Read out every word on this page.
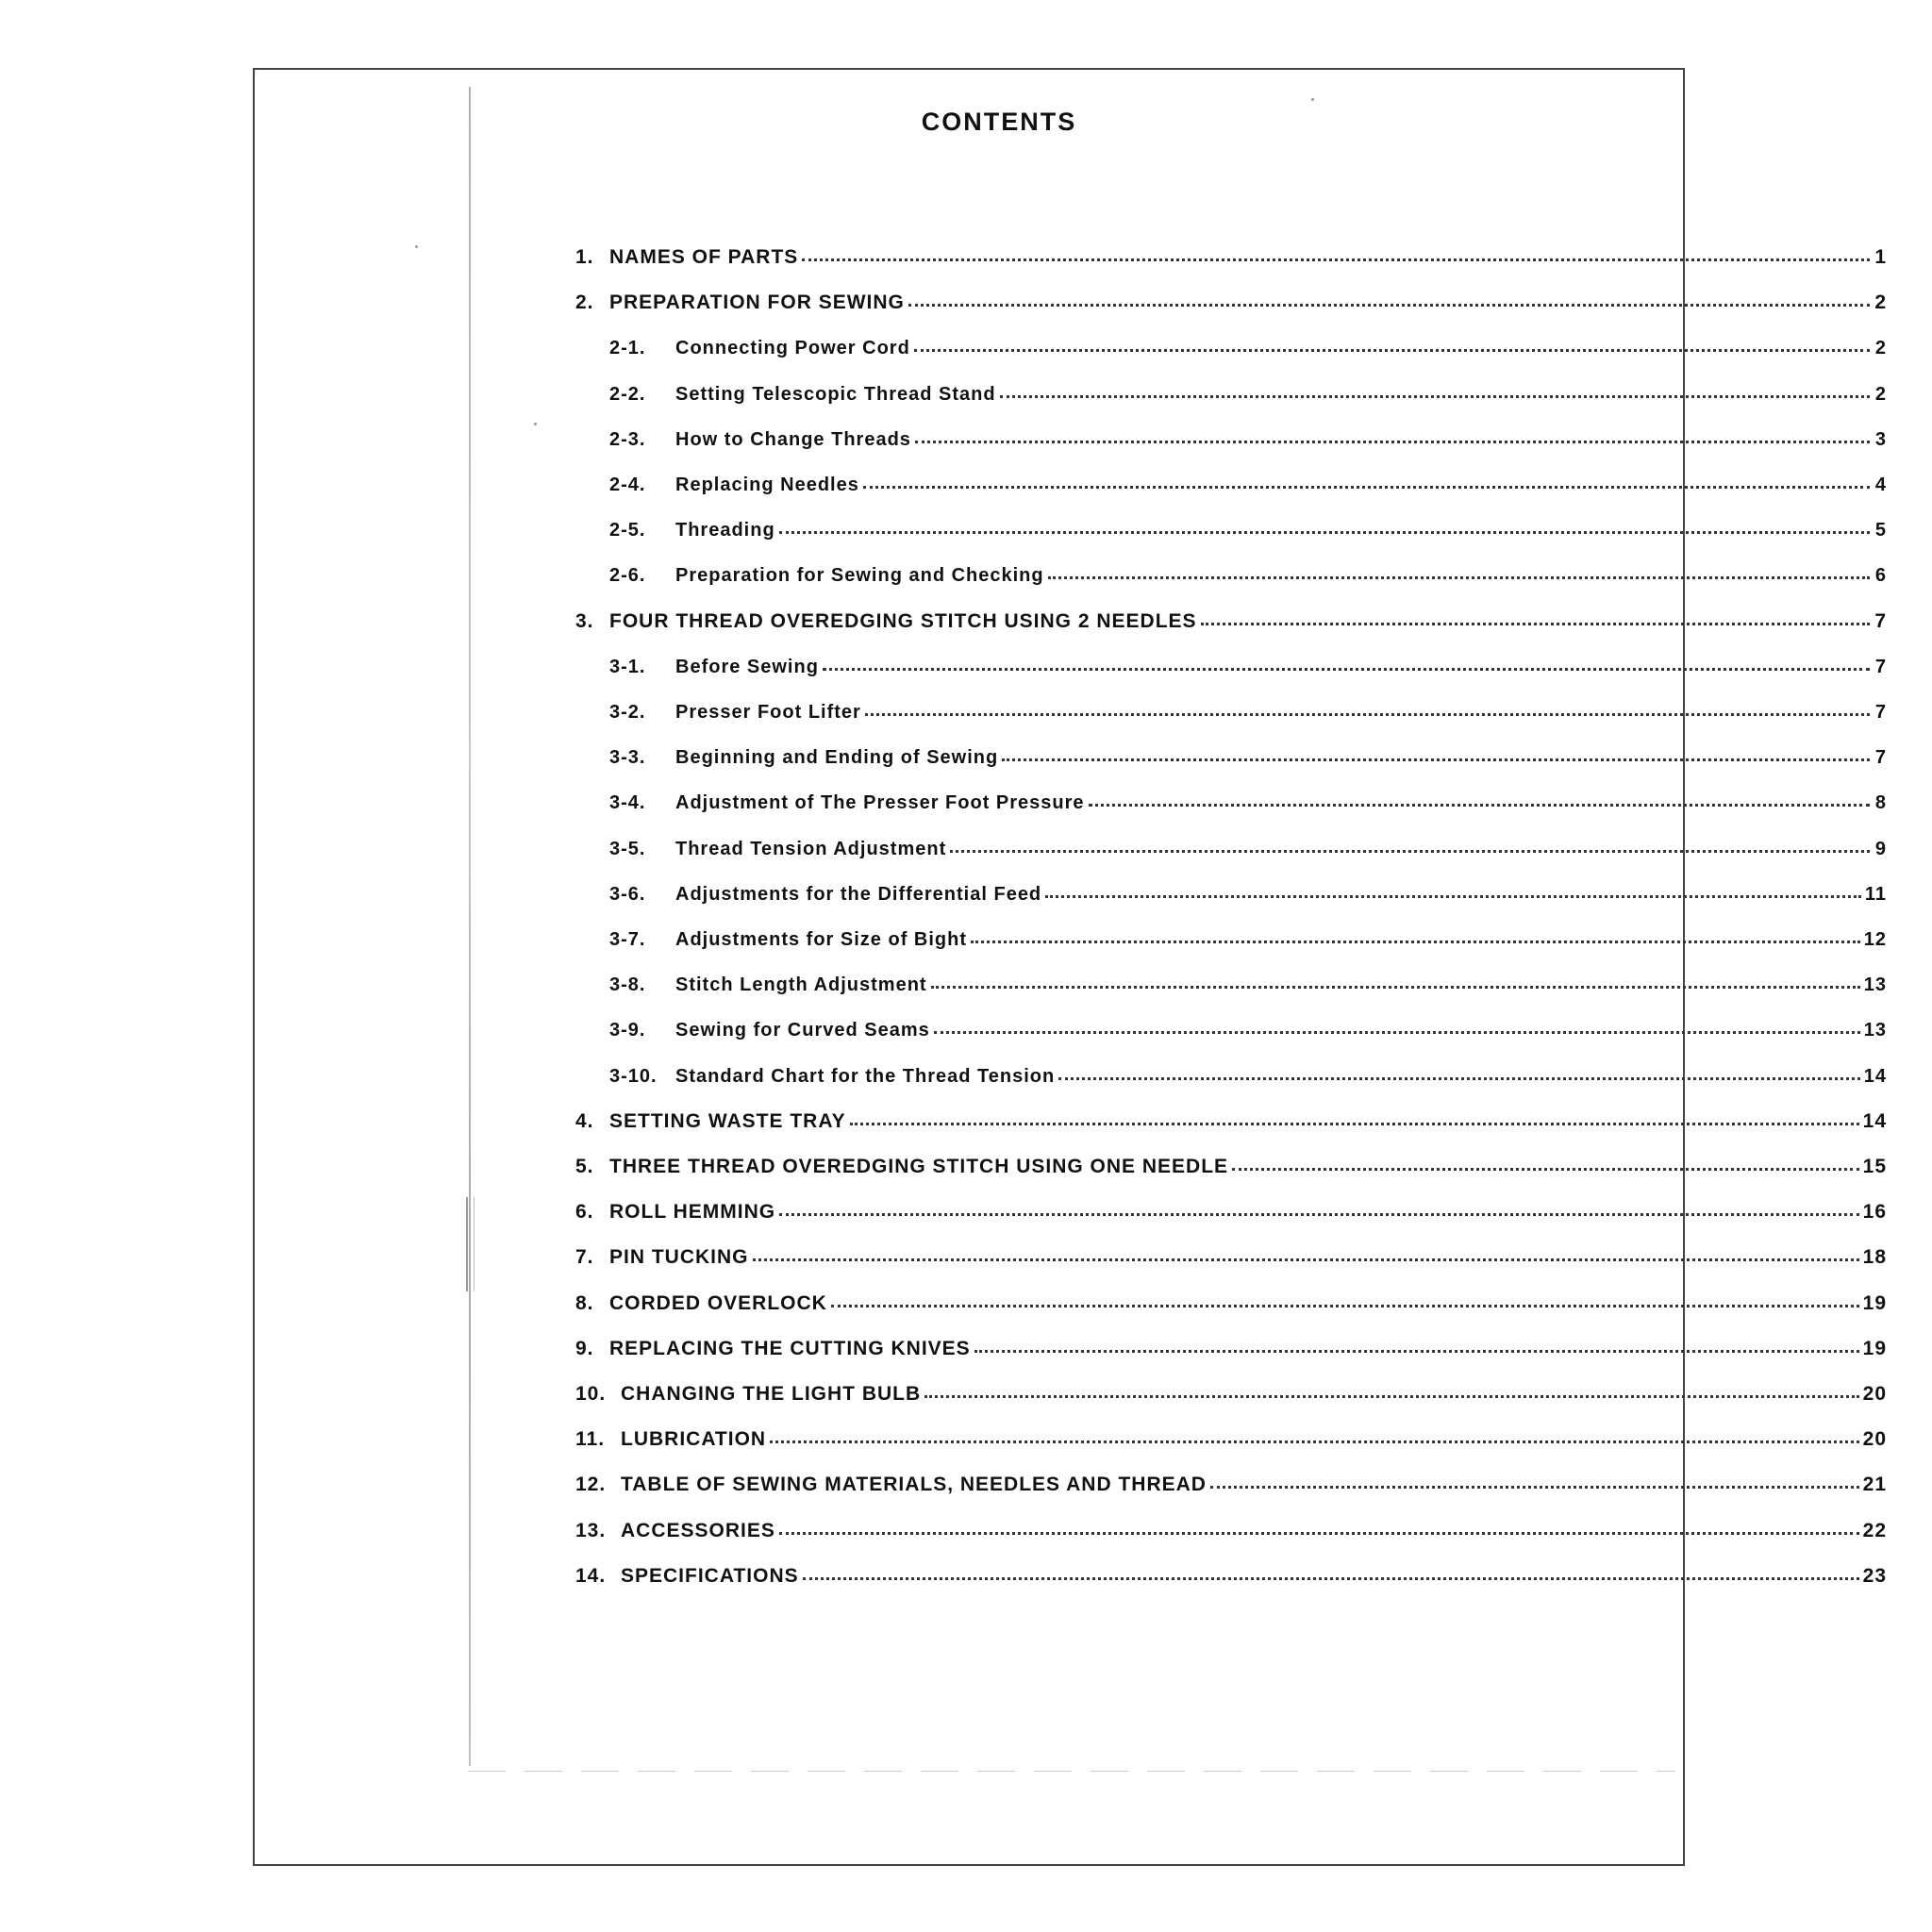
CONTENTS
1. NAMES OF PARTS	1
2. PREPARATION FOR SEWING	2
2-1.	Connecting Power Cord	2
2-2.	Setting Telescopic Thread Stand	2
2-3.	How to Change Threads	3
2-4.	Replacing Needles	4
2-5.	Threading	5
2-6.	Preparation for Sewing and Checking	6
3. FOUR THREAD OVEREDGING STITCH USING 2 NEEDLES	7
3-1.	Before Sewing	7
3-2.	Presser Foot Lifter	7
3-3.	Beginning and Ending of Sewing	7
3-4.	Adjustment of The Presser Foot Pressure	8
3-5.	Thread Tension Adjustment	9
3-6.	Adjustments for the Differential Feed	11
3-7.	Adjustments for Size of Bight	12
3-8.	Stitch Length Adjustment	13
3-9.	Sewing for Curved Seams	13
3-10. Standard Chart for the Thread Tension	14
4. SETTING WASTE TRAY	14
5. THREE THREAD OVEREDGING STITCH USING ONE NEEDLE	15
6. ROLL HEMMING	16
7. PIN TUCKING	18
8. CORDED OVERLOCK	19
9. REPLACING THE CUTTING KNIVES	19
10. CHANGING THE LIGHT BULB	20
11. LUBRICATION	20
12. TABLE OF SEWING MATERIALS, NEEDLES AND THREAD	21
13. ACCESSORIES	22
14. SPECIFICATIONS	23
